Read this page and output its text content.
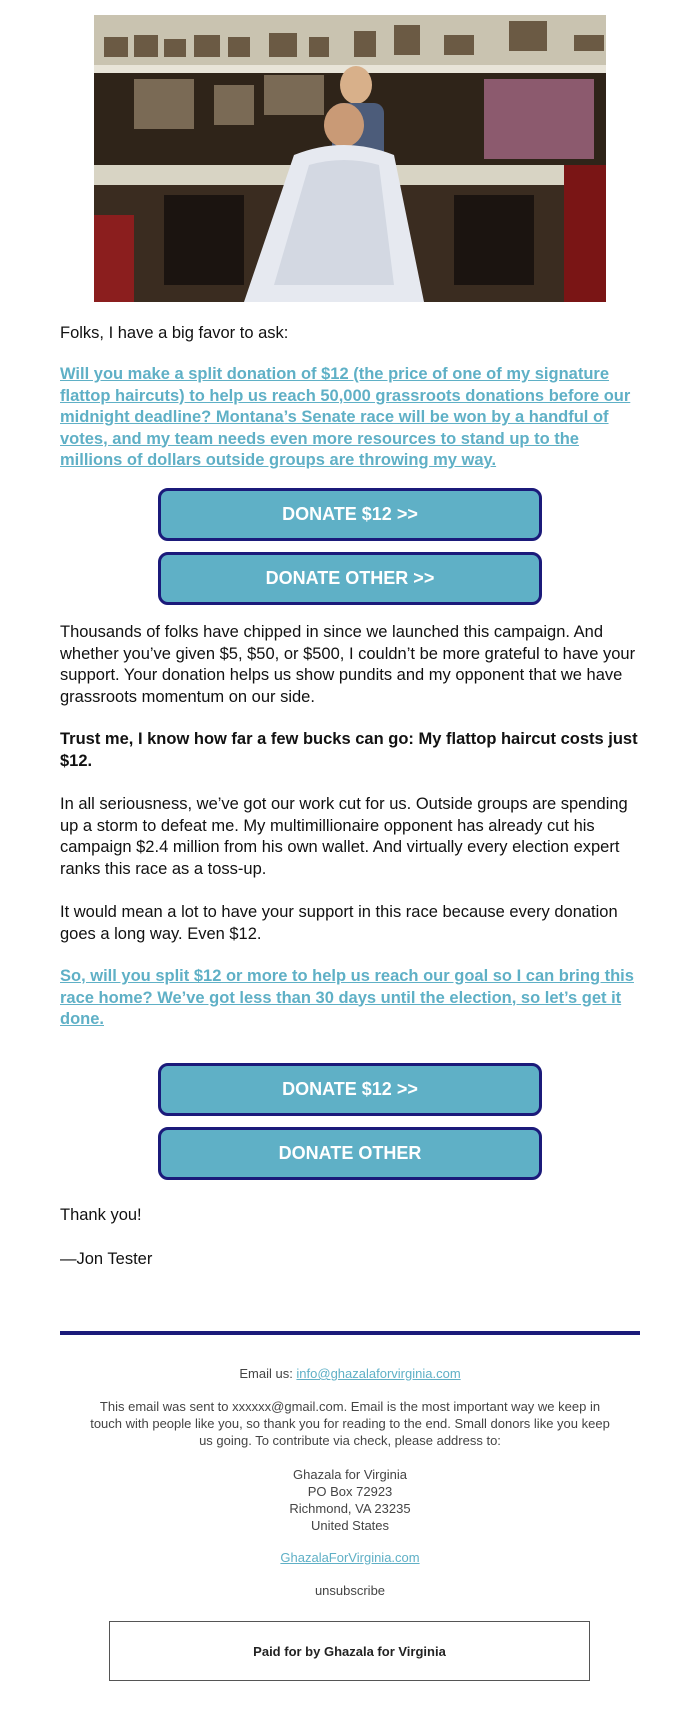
Folks, I have a big favor to ask:

Will you make a split donation of $12 (the price of one of my signature flattop haircuts) to help us reach 50,000 grassroots donations before our midnight deadline? Montana’s Senate race will be won by a handful of votes, and my team needs even more resources to stand up to the millions of dollars outside groups are throwing my way.

DONATE $12 >>
DONATE OTHER >>

Thousands of folks have chipped in since we launched this campaign. And whether you’ve given $5, $50, or $500, I couldn’t be more grateful to have your support. Your donation helps us show pundits and my opponent that we have grassroots momentum on our side.

Trust me, I know how far a few bucks can go: My flattop haircut costs just $12.

In all seriousness, we’ve got our work cut for us. Outside groups are spending up a storm to defeat me. My multimillionaire opponent has already cut his campaign $2.4 million from his own wallet. And virtually every election expert ranks this race as a toss-up.

It would mean a lot to have your support in this race because every donation goes a long way. Even $12.

So, will you split $12 or more to help us reach our goal so I can bring this race home? We’ve got less than 30 days until the election, so let’s get it done.

DONATE $12 >>
DONATE OTHER

Thank you!

—Jon Tester

Email us: info@ghazalaforvirginia.com

This email was sent to xxxxxx@gmail.com. Email is the most important way we keep in touch with people like you, so thank you for reading to the end. Small donors like you keep us going. To contribute via check, please address to:

Ghazala for Virginia
PO Box 72923
Richmond, VA 23235
United States

GhazalaForVirginia.com

unsubscribe

Paid for by Ghazala for Virginia
